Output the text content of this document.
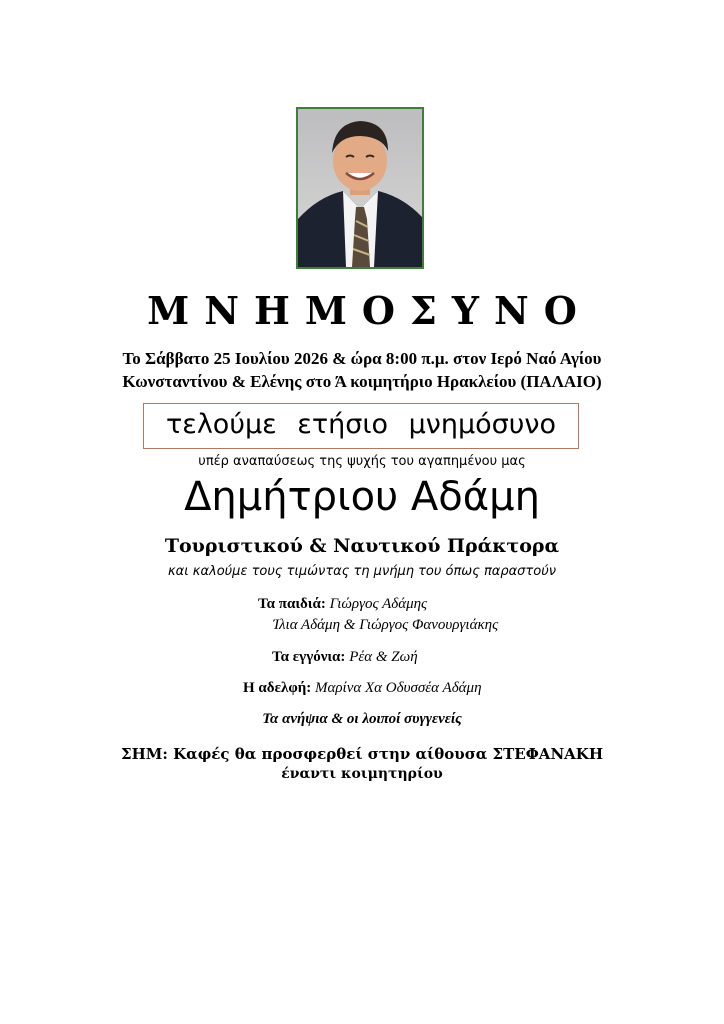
ΜΝΗΜΟΣΥΝΟ
Το Σάββατο 25 Ιουλίου 2026 & ώρα 8:00 π.μ. στον Ιερό Ναό Αγίου
Κωνσταντίνου & Ελένης στο Ά κοιμητήριο Ηρακλείου (ΠΑΛΑΙΟ)
τελούμε ετήσιο μνημόσυνο
υπέρ αναπαύσεως της ψυχής του αγαπημένου μας
Δημήτριου Αδάμη
Τουριστικού & Ναυτικού Πράκτορα
και καλούμε τους τιμώντας τη μνήμη του όπως παραστούν
Τα παιδιά: Γιώργος Αδάμης
Ίλια Αδάμη & Γιώργος Φανουργιάκης
Τα εγγόνια: Ρέα & Ζωή
Η αδελφή: Μαρίνα Χα Οδυσσέα Αδάμη
Τα ανήψια & οι λοιποί συγγενείς
ΣΗΜ: Καφές θα προσφερθεί στην αίθουσα ΣΤΕΦΑΝΑΚΗ
έναντι κοιμητηρίου
